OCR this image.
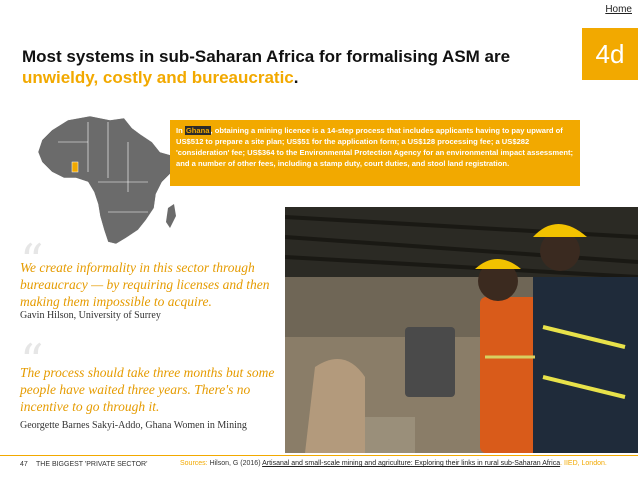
Home
4d
Most systems in sub-Saharan Africa for formalising ASM are unwieldy, costly and bureaucratic.
In Ghana, obtaining a mining licence is a 14-step process that includes applicants having to pay upward of US$512 to prepare a site plan; US$51 for the application form; a US$128 processing fee; a US$282 'consideration' fee; US$364 to the Environmental Protection Agency for an environmental impact assessment; and a number of other fees, including a stamp duty, court duties, and stool land registration.
“
We create informality in this sector through bureaucracy — by requiring licenses and then making them impossible to acquire.
Gavin Hilson, University of Surrey
“
The process should take three months but some people have waited three years. There's no incentive to go through it.
Georgette Barnes Sakyi-Addo, Ghana Women in Mining
47 THE BIGGEST 'PRIVATE SECTOR'	Sources: Hilson, G (2016) Artisanal and small-scale mining and agriculture: Exploring their links in rural sub-Saharan Africa. IIED, London.
